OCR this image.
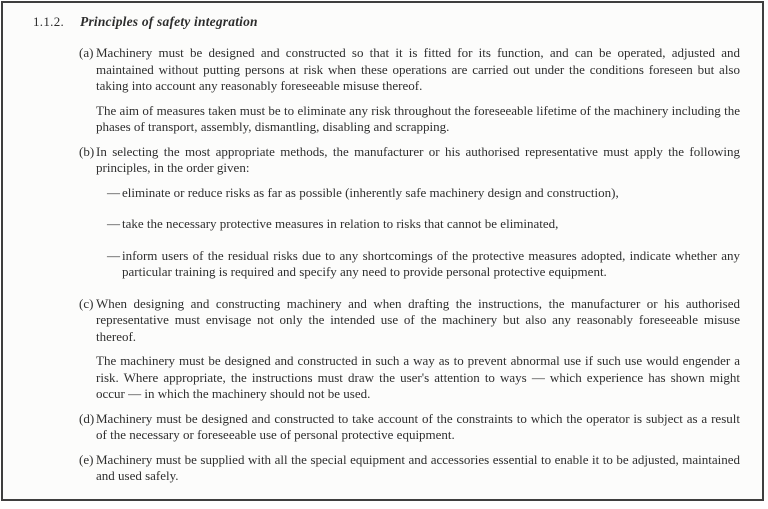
1.1.2.	Principles of safety integration
(a) Machinery must be designed and constructed so that it is fitted for its function, and can be operated, adjusted and maintained without putting persons at risk when these operations are carried out under the conditions foreseen but also taking into account any reasonably foreseeable misuse thereof.

The aim of measures taken must be to eliminate any risk throughout the foreseeable lifetime of the machinery including the phases of transport, assembly, dismantling, disabling and scrapping.

(b) In selecting the most appropriate methods, the manufacturer or his authorised representative must apply the following principles, in the order given:

— eliminate or reduce risks as far as possible (inherently safe machinery design and construction),
— take the necessary protective measures in relation to risks that cannot be eliminated,
— inform users of the residual risks due to any shortcomings of the protective measures adopted, indicate whether any particular training is required and specify any need to provide personal protective equipment.
(c) When designing and constructing machinery and when drafting the instructions, the manufacturer or his authorised representative must envisage not only the intended use of the machinery but also any reasonably foreseeable misuse thereof.

The machinery must be designed and constructed in such a way as to prevent abnormal use if such use would engender a risk. Where appropriate, the instructions must draw the user's attention to ways — which experience has shown might occur — in which the machinery should not be used.

(d) Machinery must be designed and constructed to take account of the constraints to which the operator is subject as a result of the necessary or foreseeable use of personal protective equipment.

(e) Machinery must be supplied with all the special equipment and accessories essential to enable it to be adjusted, maintained and used safely.
